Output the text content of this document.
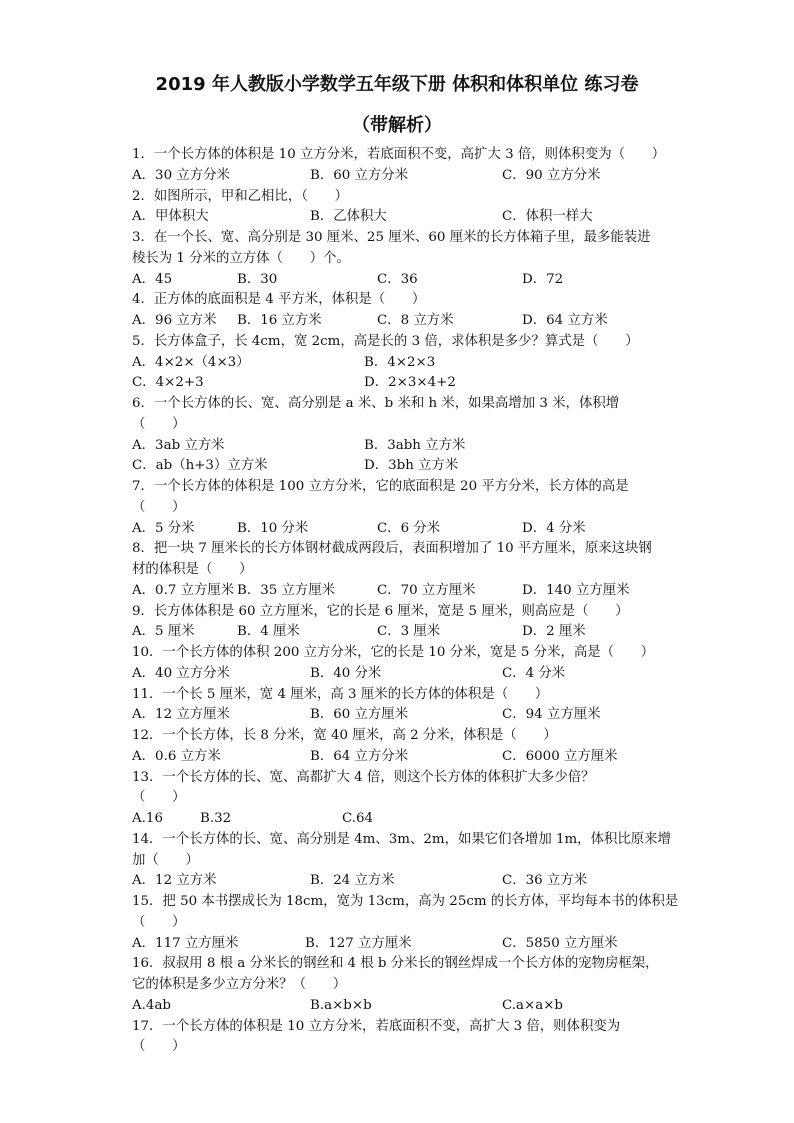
2019 年人教版小学数学五年级下册 体积和体积单位 练习卷
（带解析）
1．一个长方体的体积是 10 立方分米，若底面积不变，高扩大 3 倍，则体积变为（　　）
A．30 立方分米	B．60 立方分米	C．90 立方分米
2．如图所示，甲和乙相比，（　　）
A．甲体积大	B．乙体积大	C．体积一样大
3．在一个长、宽、高分别是 30 厘米、25 厘米、60 厘米的长方体箱子里，最多能装进
棱长为 1 分米的立方体（　　）个。
A．45	B．30	C．36	D．72
4．正方体的底面积是 4 平方米，体积是（　　）
A．96 立方米 B．16 立方米	C．8 立方米	D．64 立方米
5．长方体盒子，长 4cm，宽 2cm，高是长的 3 倍，求体积是多少？算式是（　　）
A．4×2×（4×3）	B．4×2×3
C．4×2+3	D．2×3×4+2
6．一个长方体的长、宽、高分别是 a 米、b 米和 h 米，如果高增加 3 米，体积增
（　　）
A．3ab 立方米	B．3abh 立方米
C．ab（h+3）立方米	D．3bh 立方米
7．一个长方体的体积是 100 立方分米，它的底面积是 20 平方分米，长方体的高是
（　　）
A．5 分米	B．10 分米	C．6 分米	D．4 分米
8．把一块 7 厘米长的长方体钢材截成两段后，表面积增加了 10 平方厘米，原来这块钢
材的体积是（　　）
A．0.7 立方厘米 B．35 立方厘米	C．70 立方厘米	D．140 立方厘米
9．长方体体积是 60 立方厘米，它的长是 6 厘米，宽是 5 厘米，则高应是（　　）
A．5 厘米	B．4 厘米	C．3 厘米	D．2 厘米
10．一个长方体的体积 200 立方分米，它的长是 10 分米，宽是 5 分米，高是（　　）
A．40 立方分米	B．40 分米	C．4 分米
11．一个长 5 厘米，宽 4 厘米，高 3 厘米的长方体的体积是（　　）
A．12 立方厘米	B．60 立方厘米	C．94 立方厘米
12．一个长方体，长 8 分米，宽 40 厘米，高 2 分米，体积是（　　）
A．0.6 立方米	B．64 立方分米	C．6000 立方厘米
13．一个长方体的长、宽、高都扩大 4 倍，则这个长方体的体积扩大多少倍？
（　　）
A.16	B.32	C.64
14．一个长方体的长、宽、高分别是 4m、3m、2m，如果它们各增加 1m，体积比原来增
加（　　）
A．12 立方米	B．24 立方米	C．36 立方米
15．把 50 本书摆成长为 18cm，宽为 13cm，高为 25cm 的长方体，平均每本书的体积是
（　　）
A．117 立方厘米	B．127 立方厘米	C．5850 立方厘米
16．叔叔用 8 根 a 分米长的钢丝和 4 根 b 分米长的钢丝焊成一个长方体的宠物房框架，
它的体积是多少立方分米？（　　）
A.4ab	B.a×b×b	C.a×a×b
17．一个长方体的体积是 10 立方分米，若底面积不变，高扩大 3 倍，则体积变为
（　　）
